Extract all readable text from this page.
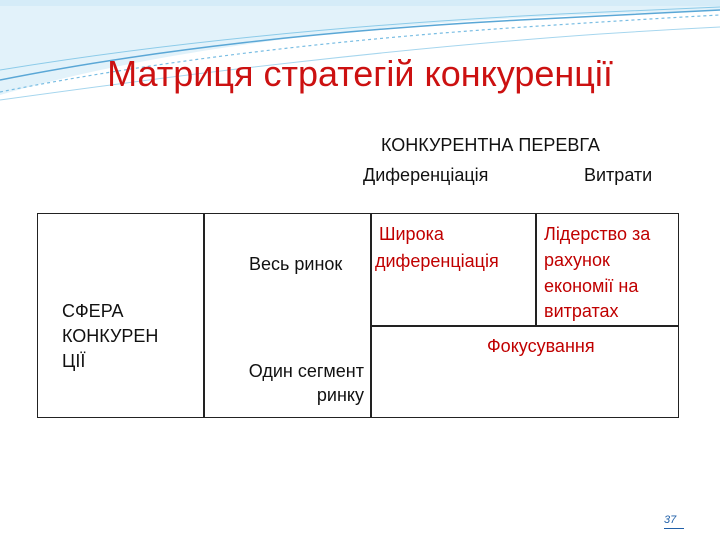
Матриця стратегій конкуренції
КОНКУРЕНТНА ПЕРЕВГА
Диференціація	Витрати
СФЕРА
КОНКУРЕН
ЦІЇ
Весь ринок
Один сегмент
ринку
Широка
диференціація
Лідерство за
рахунок
економії на
витратах
Фокусування
37
